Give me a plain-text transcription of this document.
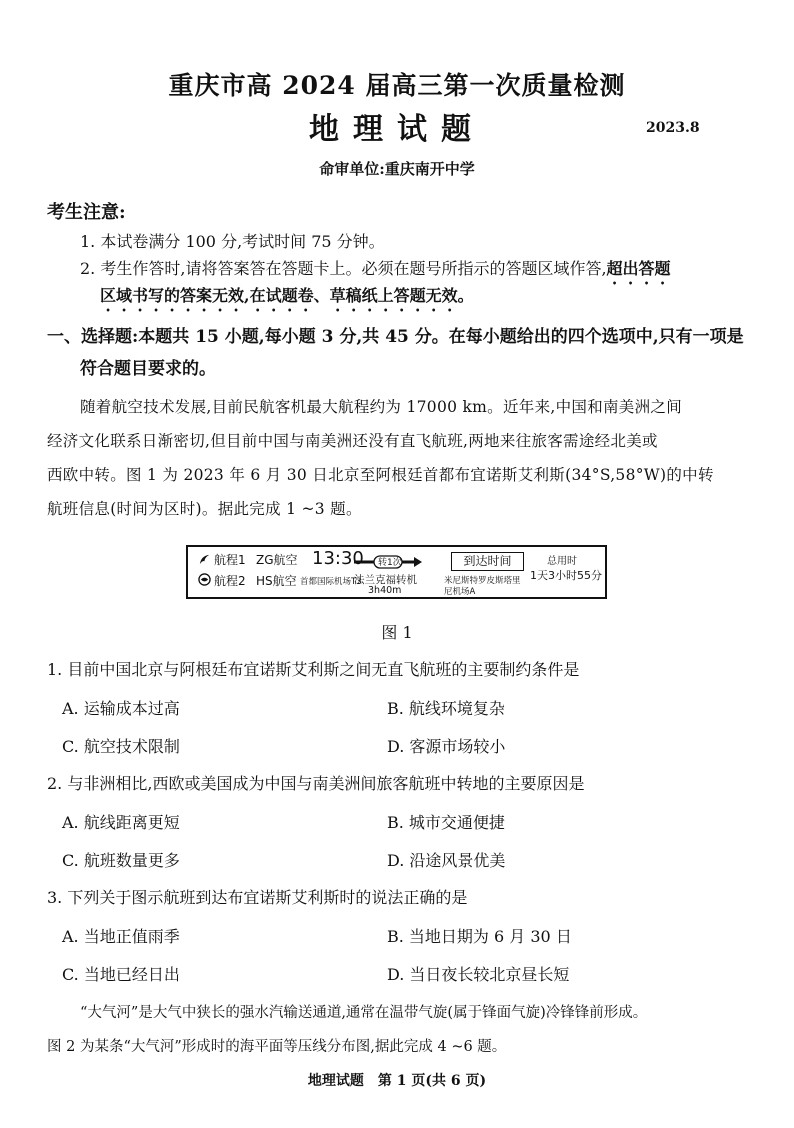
重庆市高 2024 届高三第一次质量检测
地理试题	2023.8
命审单位:重庆南开中学
考生注意:
1. 本试卷满分 100 分,考试时间 75 分钟。
2. 考生作答时,请将答案答在答题卡上。必须在题号所指示的答题区域作答,超出答题
区域书写的答案无效,在试题卷、草稿纸上答题无效。
一、选择题:本题共 15 小题,每小题 3 分,共 45 分。在每小题给出的四个选项中,只有一项是
符合题目要求的。
随着航空技术发展,目前民航客机最大航程约为 17000 km。近年来,中国和南美洲之间
经济文化联系日渐密切,但目前中国与南美洲还没有直飞航班,两地来往旅客需途经北美或
西欧中转。图 1 为 2023 年 6 月 30 日北京至阿根廷首都布宜诺斯艾利斯(34°S,58°W)的中转
航班信息(时间为区时)。据此完成 1 ~3 题。
航程1 ZG航空
航程2 HS航空
13:30
首都国际机场T3
转1次
法兰克福转机
3h40m
到达时间
米尼斯特罗皮斯塔里
尼机场A
总用时
1天3小时55分
图 1
1. 目前中国北京与阿根廷布宜诺斯艾利斯之间无直飞航班的主要制约条件是
A. 运输成本过高	B. 航线环境复杂
C. 航空技术限制	D. 客源市场较小
2. 与非洲相比,西欧或美国成为中国与南美洲间旅客航班中转地的主要原因是
A. 航线距离更短	B. 城市交通便捷
C. 航班数量更多	D. 沿途风景优美
3. 下列关于图示航班到达布宜诺斯艾利斯时的说法正确的是
A. 当地正值雨季	B. 当地日期为 6 月 30 日
C. 当地已经日出	D. 当日夜长较北京昼长短
“大气河”是大气中狭长的强水汽输送通道,通常在温带气旋(属于锋面气旋)冷锋锋前形成。
图 2 为某条“大气河”形成时的海平面等压线分布图,据此完成 4 ~6 题。
地理试题　第 1 页(共 6 页)
